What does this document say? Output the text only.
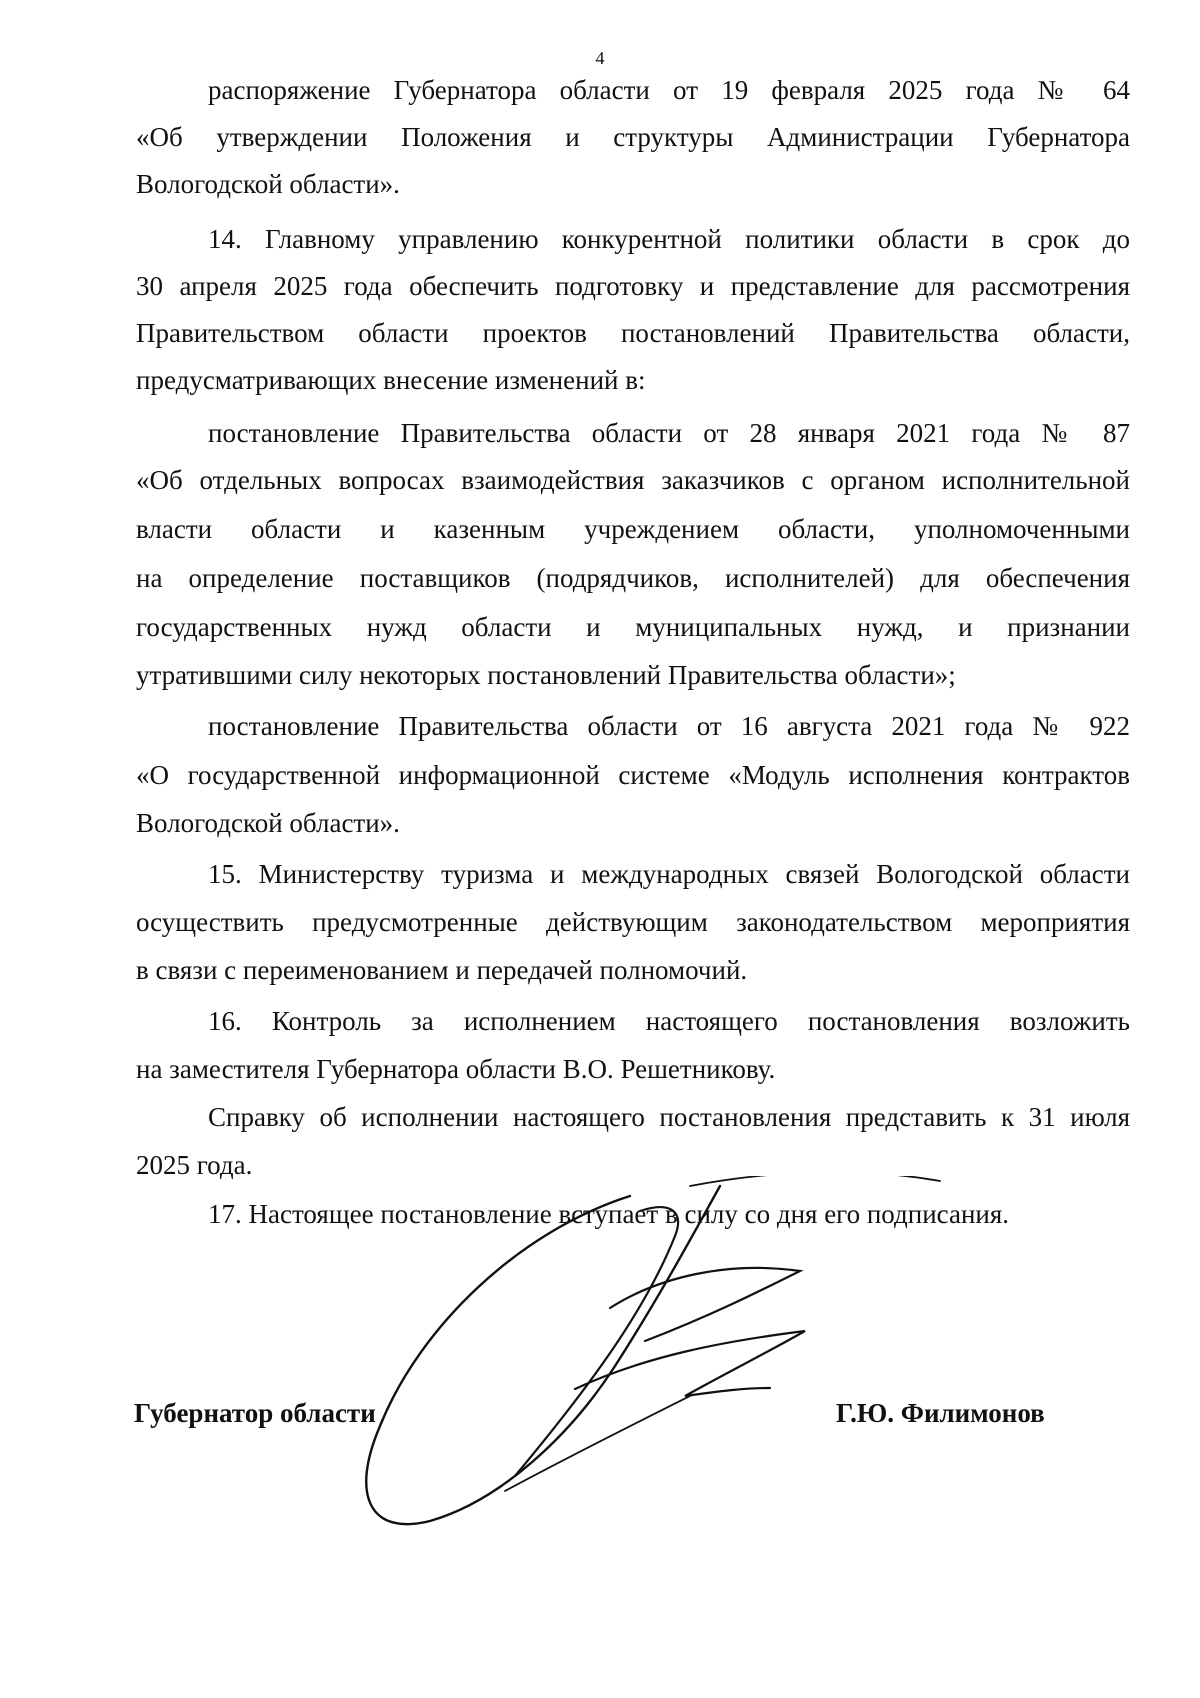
4
распоряжение Губернатора области от 19 февраля 2025 года № 64
«Об утверждении Положения и структуры Администрации Губернатора
Вологодской области».
14. Главному управлению конкурентной политики области в срок до
30 апреля 2025 года обеспечить подготовку и представление для рассмотрения
Правительством области проектов постановлений Правительства области,
предусматривающих внесение изменений в:
постановление Правительства области от 28 января 2021 года № 87
«Об отдельных вопросах взаимодействия заказчиков с органом исполнительной
власти области и казенным учреждением области, уполномоченными
на определение поставщиков (подрядчиков, исполнителей) для обеспечения
государственных нужд области и муниципальных нужд, и признании
утратившими силу некоторых постановлений Правительства области»;
постановление Правительства области от 16 августа 2021 года № 922
«О государственной информационной системе «Модуль исполнения контрактов
Вологодской области».
15. Министерству туризма и международных связей Вологодской области
осуществить предусмотренные действующим законодательством мероприятия
в связи с переименованием и передачей полномочий.
16. Контроль за исполнением настоящего постановления возложить
на заместителя Губернатора области В.О. Решетникову.
Справку об исполнении настоящего постановления представить к 31 июля
2025 года.
17. Настоящее постановление вступает в силу со дня его подписания.
Губернатор области	Г.Ю. Филимонов
